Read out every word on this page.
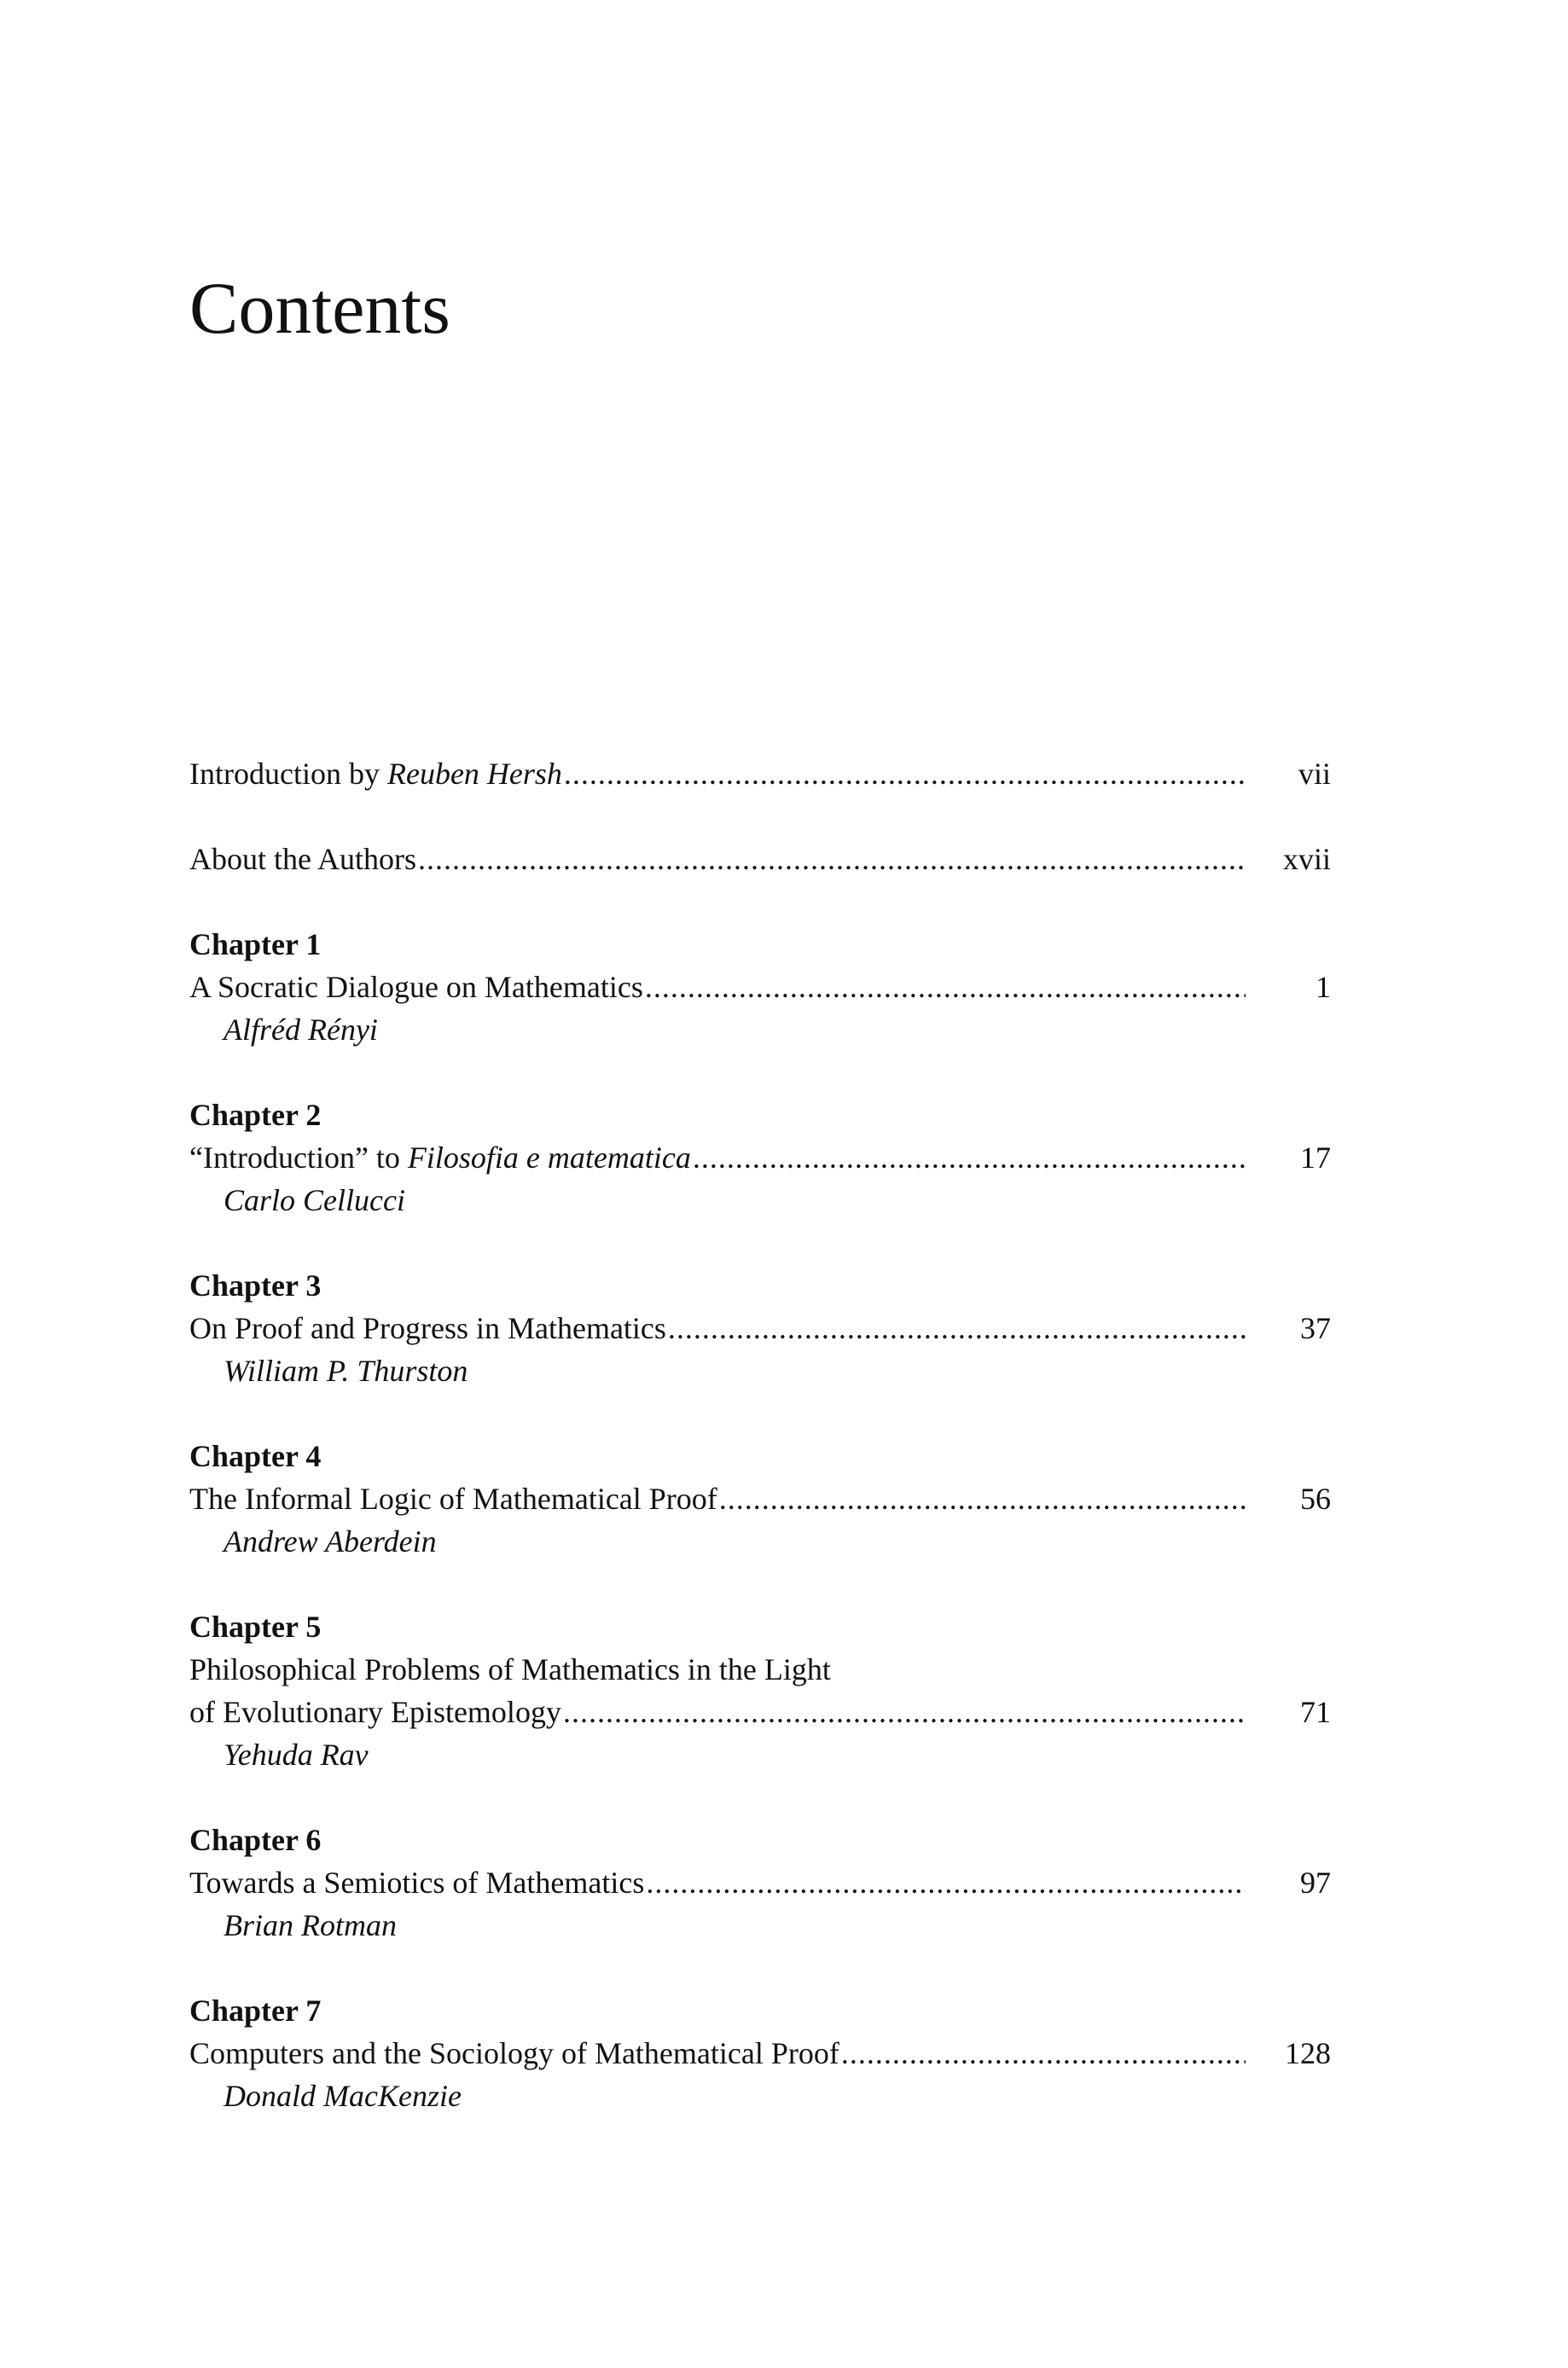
Contents
Introduction by Reuben Hersh .....	vii
About the Authors .....	xvii
Chapter 1
A Socratic Dialogue on Mathematics .....	1
Alfréd Rényi
Chapter 2
“Introduction” to Filosofia e matematica .....	17
Carlo Cellucci
Chapter 3
On Proof and Progress in Mathematics .....	37
William P. Thurston
Chapter 4
The Informal Logic of Mathematical Proof .....	56
Andrew Aberdein
Chapter 5
Philosophical Problems of Mathematics in the Light
of Evolutionary Epistemology .....	71
Yehuda Rav
Chapter 6
Towards a Semiotics of Mathematics .....	97
Brian Rotman
Chapter 7
Computers and the Sociology of Mathematical Proof .....	128
Donald MacKenzie
